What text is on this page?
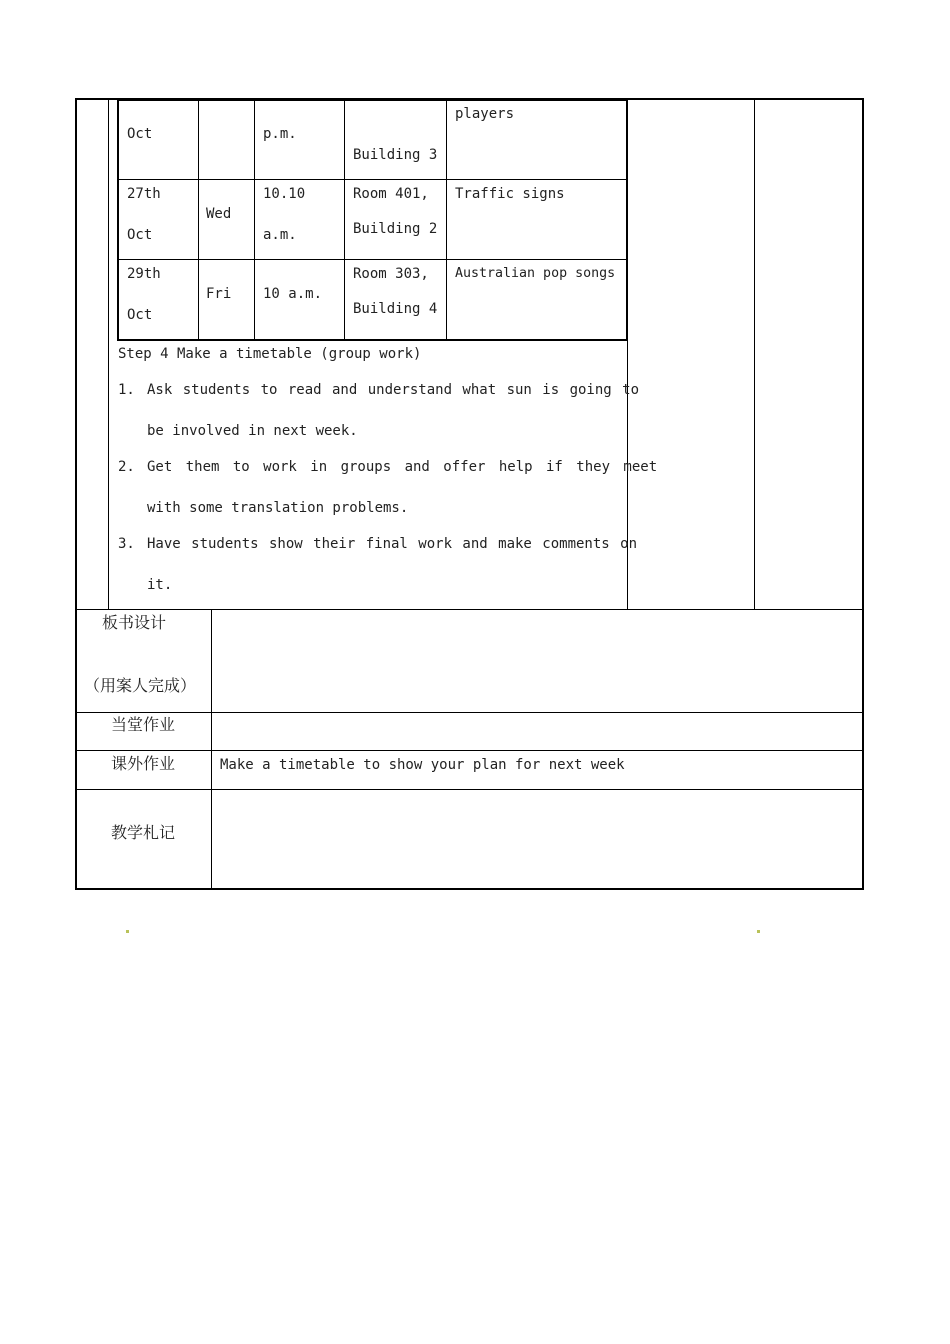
Oct	p.m.
Building 3
players
27th
Oct
Wed
10.10
a.m.
Room 401,
Building 2
Traffic signs
29th
Oct
Fri 10 a.m.
Room 303,
Building 4
Australian pop songs
Step 4 Make a timetable (group work)
1. Ask students to read and understand what sun is going to
be involved in next week.
2. Get them to work in groups and offer help if they meet
with some translation problems.
3. Have students show their final work and make comments on
it.
板书设计
（用案人完成）
当堂作业
课外作业	Make a timetable to show your plan for next week
教学札记
